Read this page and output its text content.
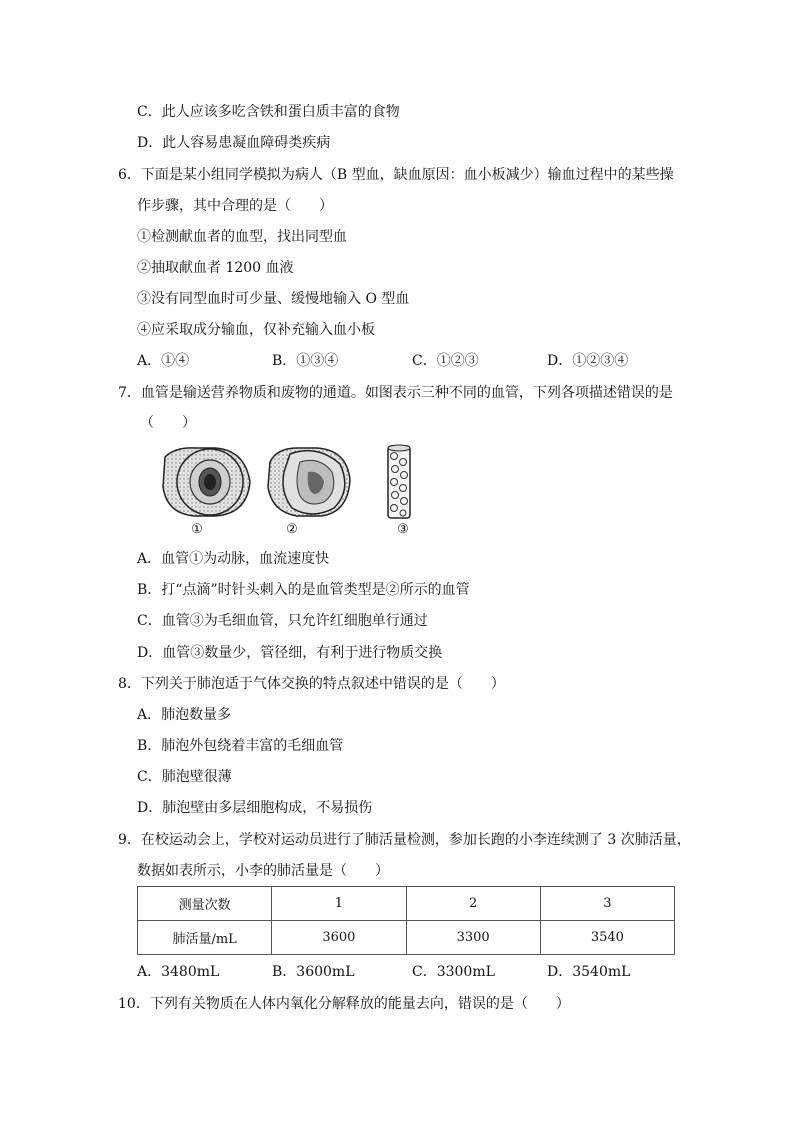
C．此人应该多吃含铁和蛋白质丰富的食物
D．此人容易患凝血障碍类疾病
6．下面是某小组同学模拟为病人（B 型血，缺血原因：血小板减少）输血过程中的某些操
作步骤，其中合理的是（　　）
①检测献血者的血型，找出同型血
②抽取献血者 1200 血液
③没有同型血时可少量、缓慢地输入 O 型血
④应采取成分输血，仅补充输入血小板
A．①④	B．①③④	C．①②③	D．①②③④
7．血管是输送营养物质和废物的通道。如图表示三种不同的血管，下列各项描述错误的是
（　　）
①	②	③
A．血管①为动脉，血流速度快
B．打“点滴”时针头刺入的是血管类型是②所示的血管
C．血管③为毛细血管，只允许红细胞单行通过
D．血管③数量少，管径细，有利于进行物质交换
8．下列关于肺泡适于气体交换的特点叙述中错误的是（　　）
A．肺泡数量多
B．肺泡外包绕着丰富的毛细血管
C．肺泡壁很薄
D．肺泡壁由多层细胞构成，不易损伤
9．在校运动会上，学校对运动员进行了肺活量检测，参加长跑的小李连续测了 3 次肺活量，
数据如表所示，小李的肺活量是（　　）
测量次数	1	2	3
肺活量/mL	3600	3300	3540
A．3480mL	B．3600mL	C．3300mL	D．3540mL
10．下列有关物质在人体内氧化分解释放的能量去向，错误的是（　　）
